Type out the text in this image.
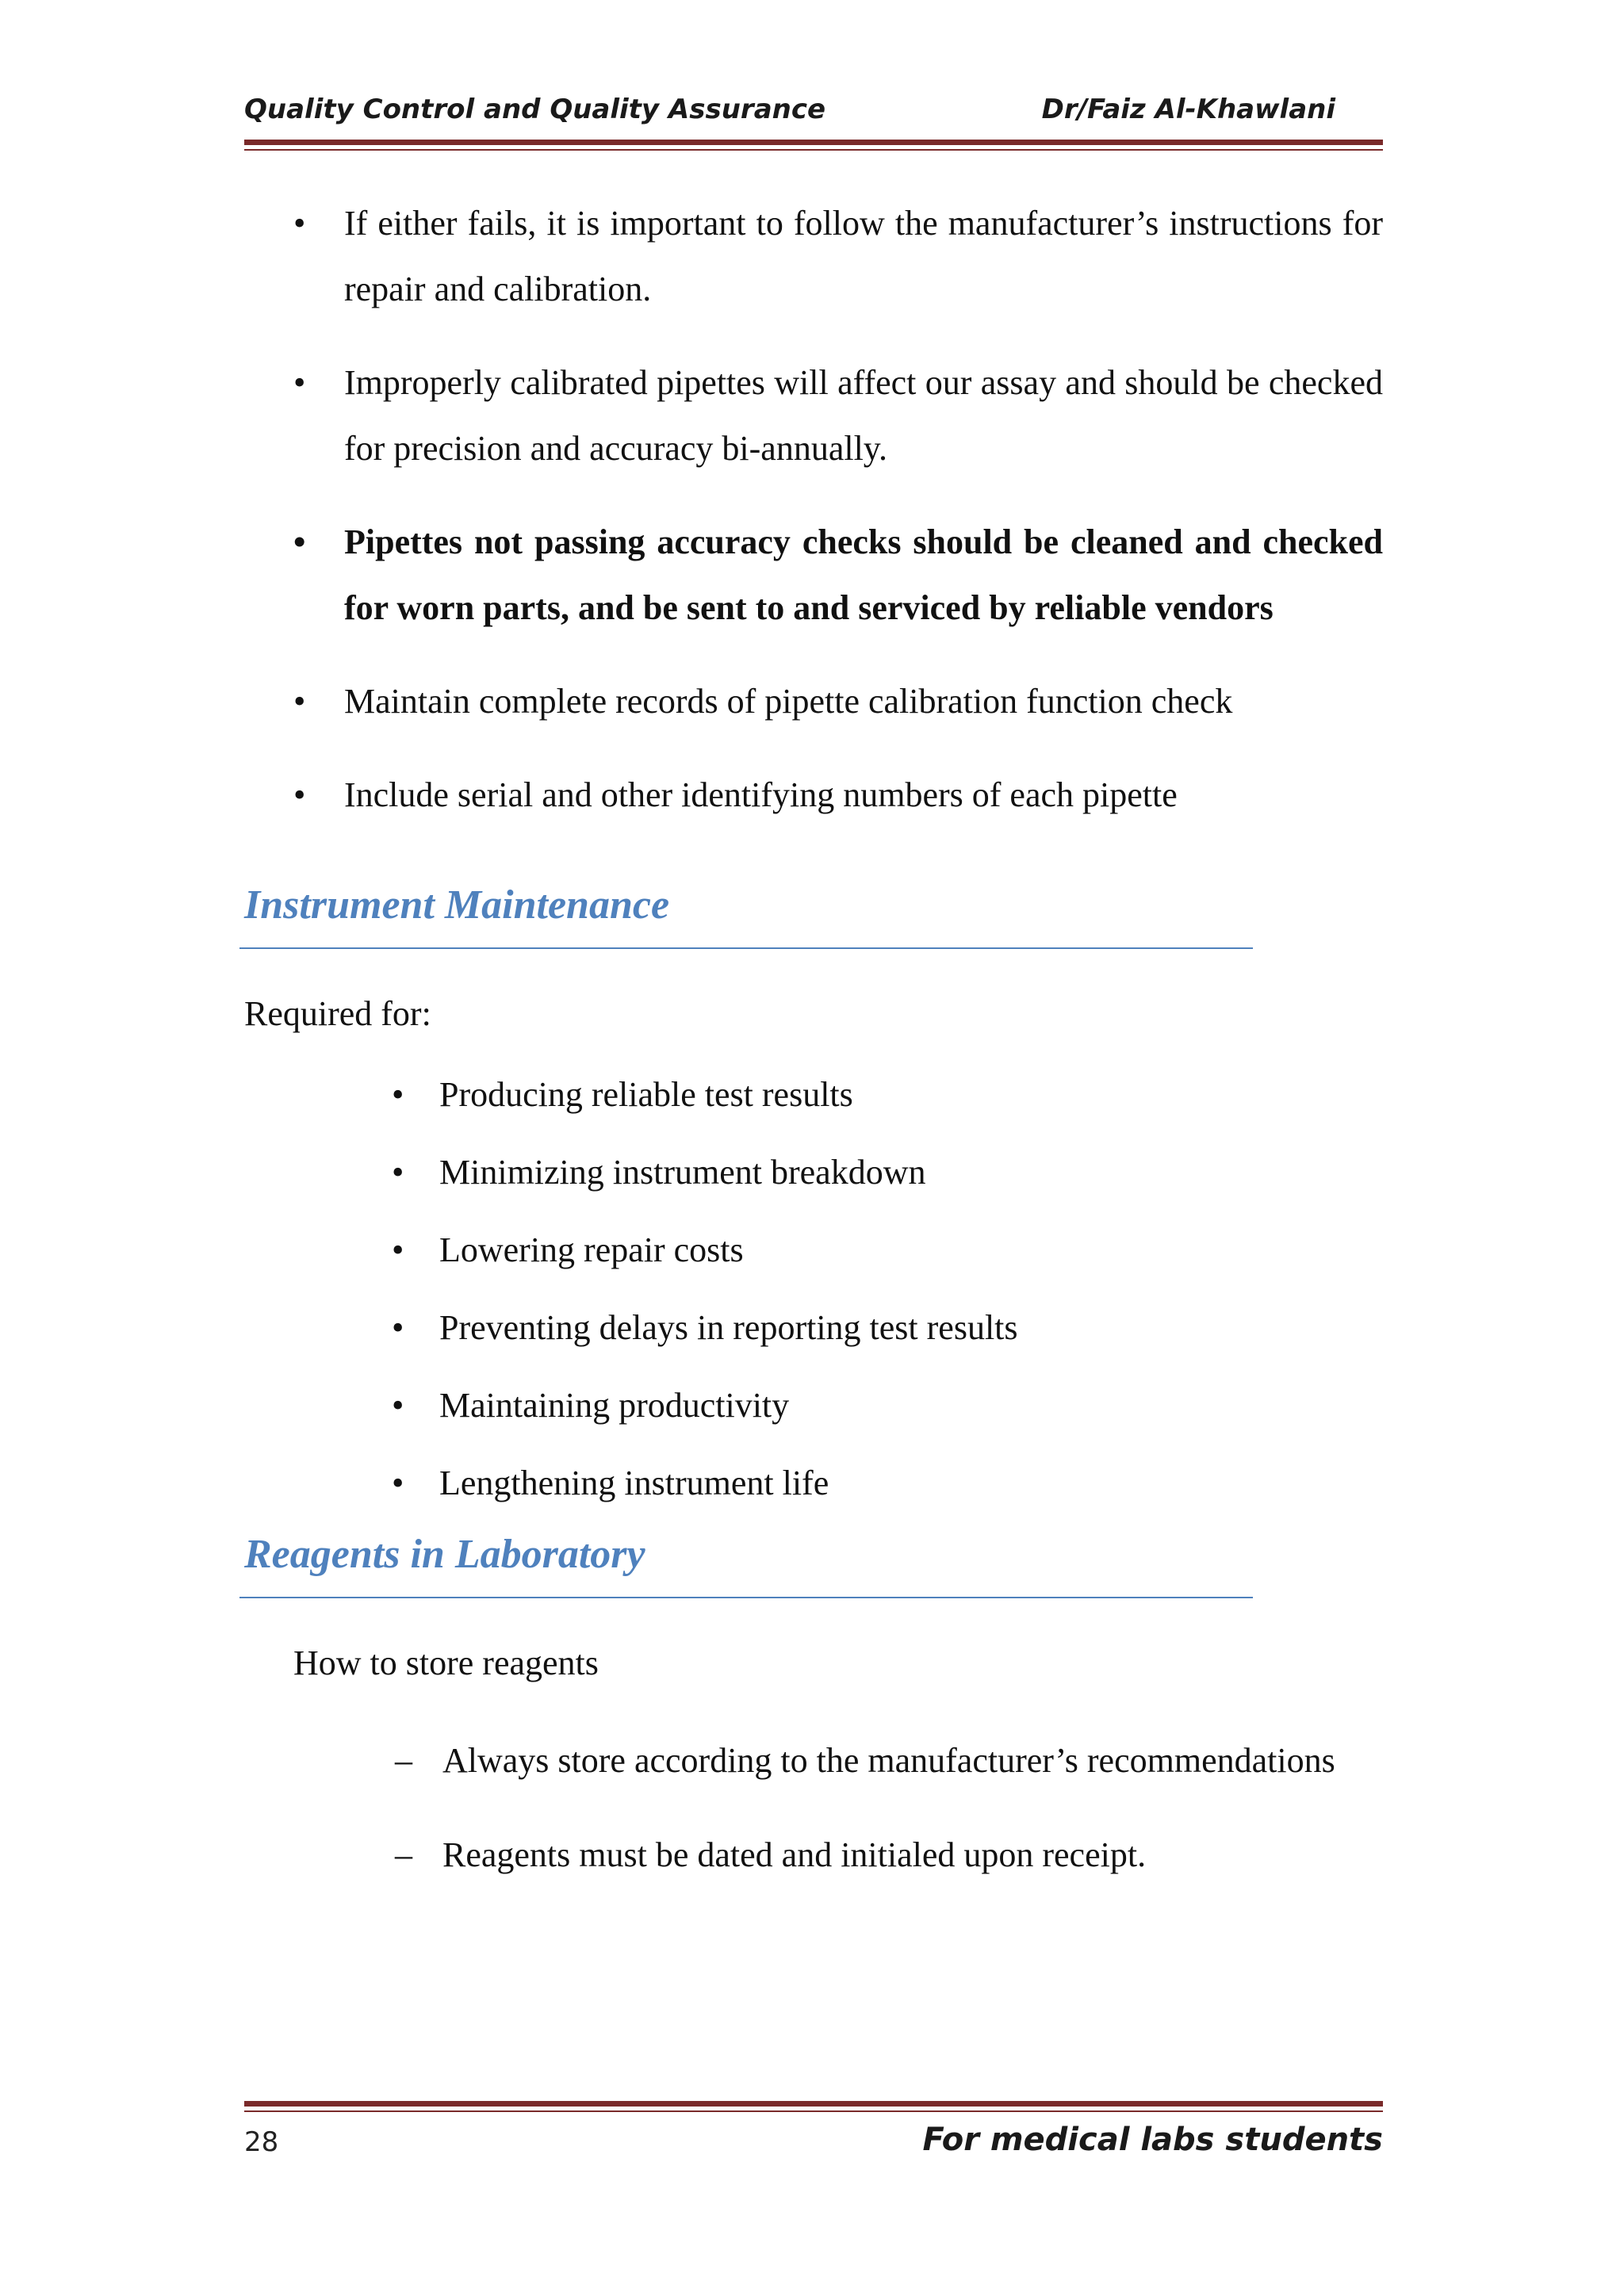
Quality Control and Quality Assurance	Dr/Faiz Al-Khawlani
• If either fails, it is important to follow the manufacturer’s instructions for repair and calibration.
• Improperly calibrated pipettes will affect our assay and should be checked for precision and accuracy bi-annually.
• Pipettes not passing accuracy checks should be cleaned and checked for worn parts, and be sent to and serviced by reliable vendors
• Maintain complete records of pipette calibration function check
• Include serial and other identifying numbers of each pipette
Instrument Maintenance
Required for:
• Producing reliable test results
• Minimizing instrument breakdown
• Lowering repair costs
• Preventing delays in reporting test results
• Maintaining productivity
• Lengthening instrument life
Reagents in Laboratory
How to store reagents
– Always store according to the manufacturer’s recommendations
– Reagents must be dated and initialed upon receipt.
28	For medical labs students
